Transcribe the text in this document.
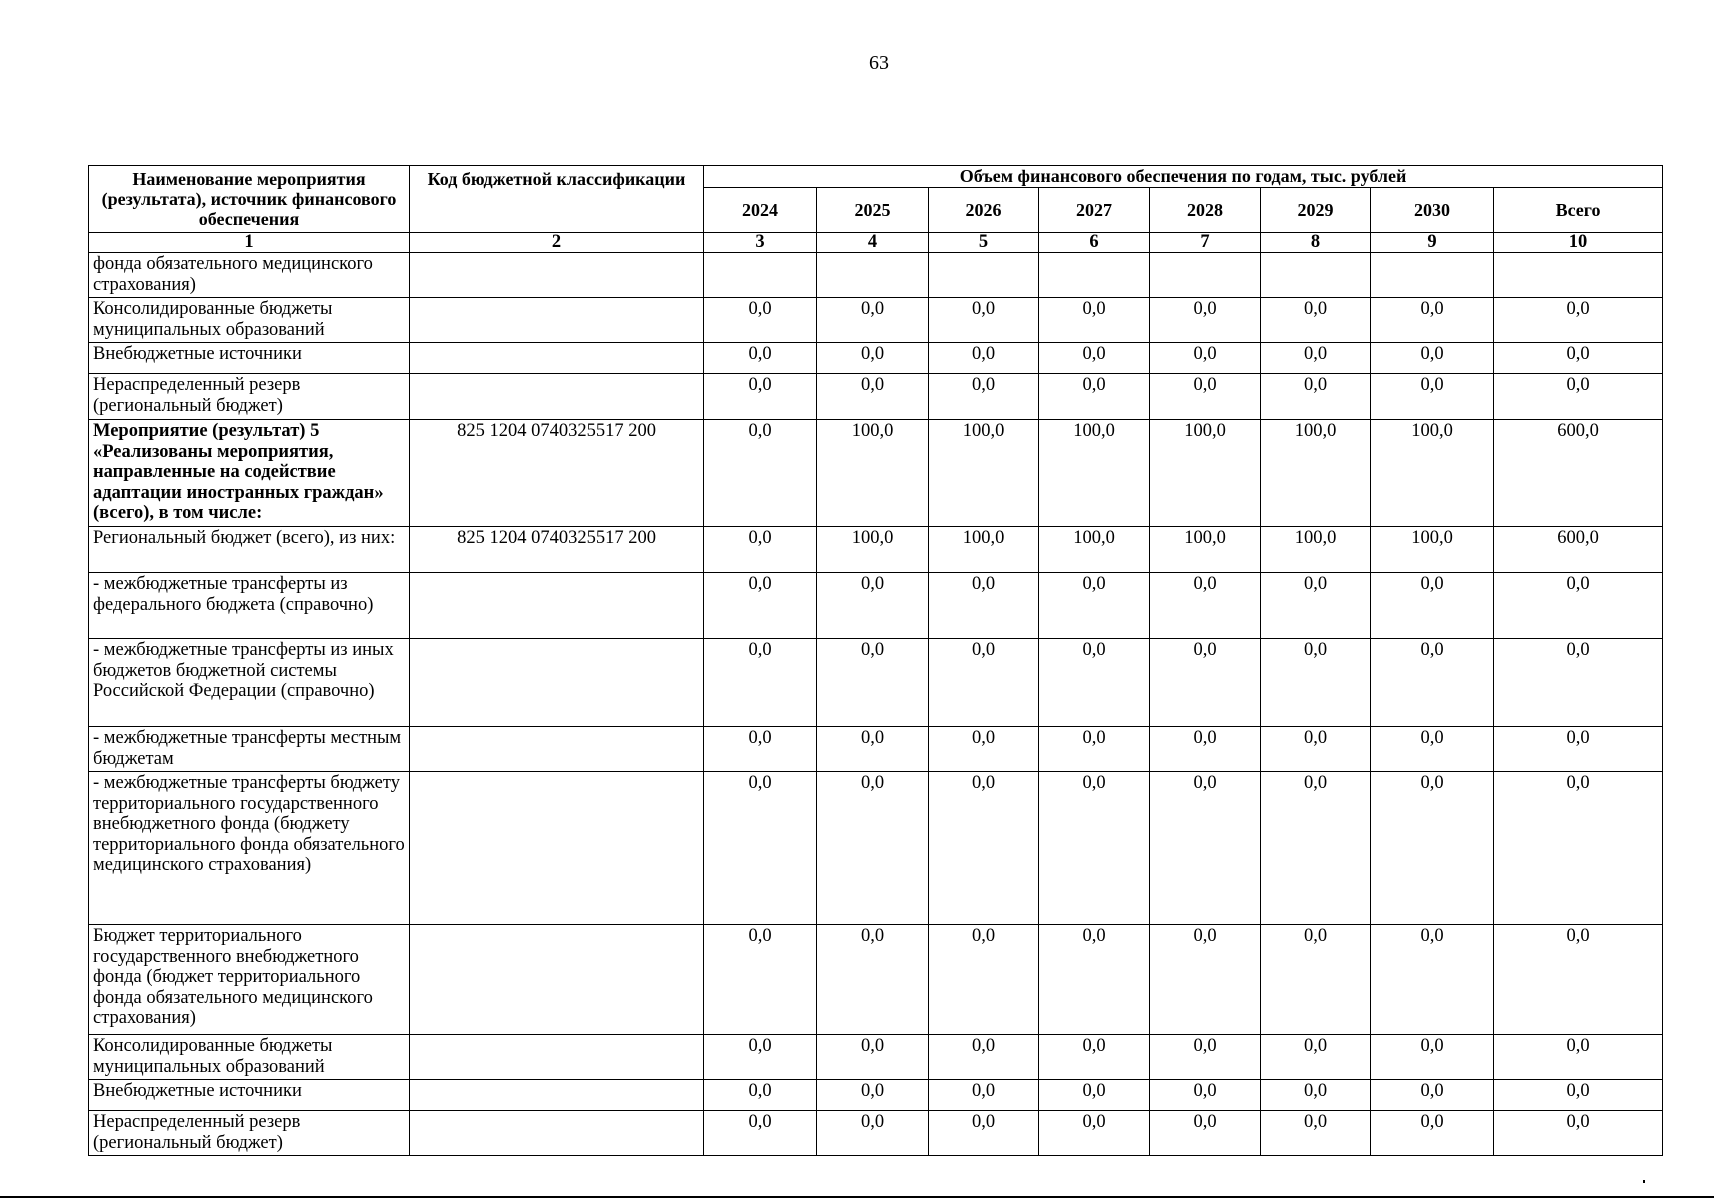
63
Наименование мероприятия (результата), источник финансового обеспечения	Код бюджетной классификации	Объем финансового обеспечения по годам, тыс. рублей							
		2024	2025	2026	2027	2028	2029	2030	Всего
1	2	3	4	5	6	7	8	9	10
фонда обязательного медицинского страхования)									
Консолидированные бюджеты муниципальных образований		0,0	0,0	0,0	0,0	0,0	0,0	0,0	0,0
Внебюджетные источники		0,0	0,0	0,0	0,0	0,0	0,0	0,0	0,0
Нераспределенный резерв (региональный бюджет)		0,0	0,0	0,0	0,0	0,0	0,0	0,0	0,0
Мероприятие (результат) 5 «Реализованы мероприятия, направленные на содействие адаптации иностранных граждан» (всего), в том числе:	825 1204 0740325517 200	0,0	100,0	100,0	100,0	100,0	100,0	100,0	600,0
Региональный бюджет (всего), из них:	825 1204 0740325517 200	0,0	100,0	100,0	100,0	100,0	100,0	100,0	600,0
- межбюджетные трансферты из федерального бюджета (справочно)		0,0	0,0	0,0	0,0	0,0	0,0	0,0	0,0
- межбюджетные трансферты из иных бюджетов бюджетной системы Российской Федерации (справочно)		0,0	0,0	0,0	0,0	0,0	0,0	0,0	0,0
- межбюджетные трансферты местным бюджетам		0,0	0,0	0,0	0,0	0,0	0,0	0,0	0,0
- межбюджетные трансферты бюджету территориального государственного внебюджетного фонда (бюджету территориального фонда обязательного медицинского страхования)		0,0	0,0	0,0	0,0	0,0	0,0	0,0	0,0
Бюджет территориального государственного внебюджетного фонда (бюджет территориального фонда обязательного медицинского страхования)		0,0	0,0	0,0	0,0	0,0	0,0	0,0	0,0
Консолидированные бюджеты муниципальных образований		0,0	0,0	0,0	0,0	0,0	0,0	0,0	0,0
Внебюджетные источники		0,0	0,0	0,0	0,0	0,0	0,0	0,0	0,0
Нераспределенный резерв (региональный бюджет)		0,0	0,0	0,0	0,0	0,0	0,0	0,0	0,0
